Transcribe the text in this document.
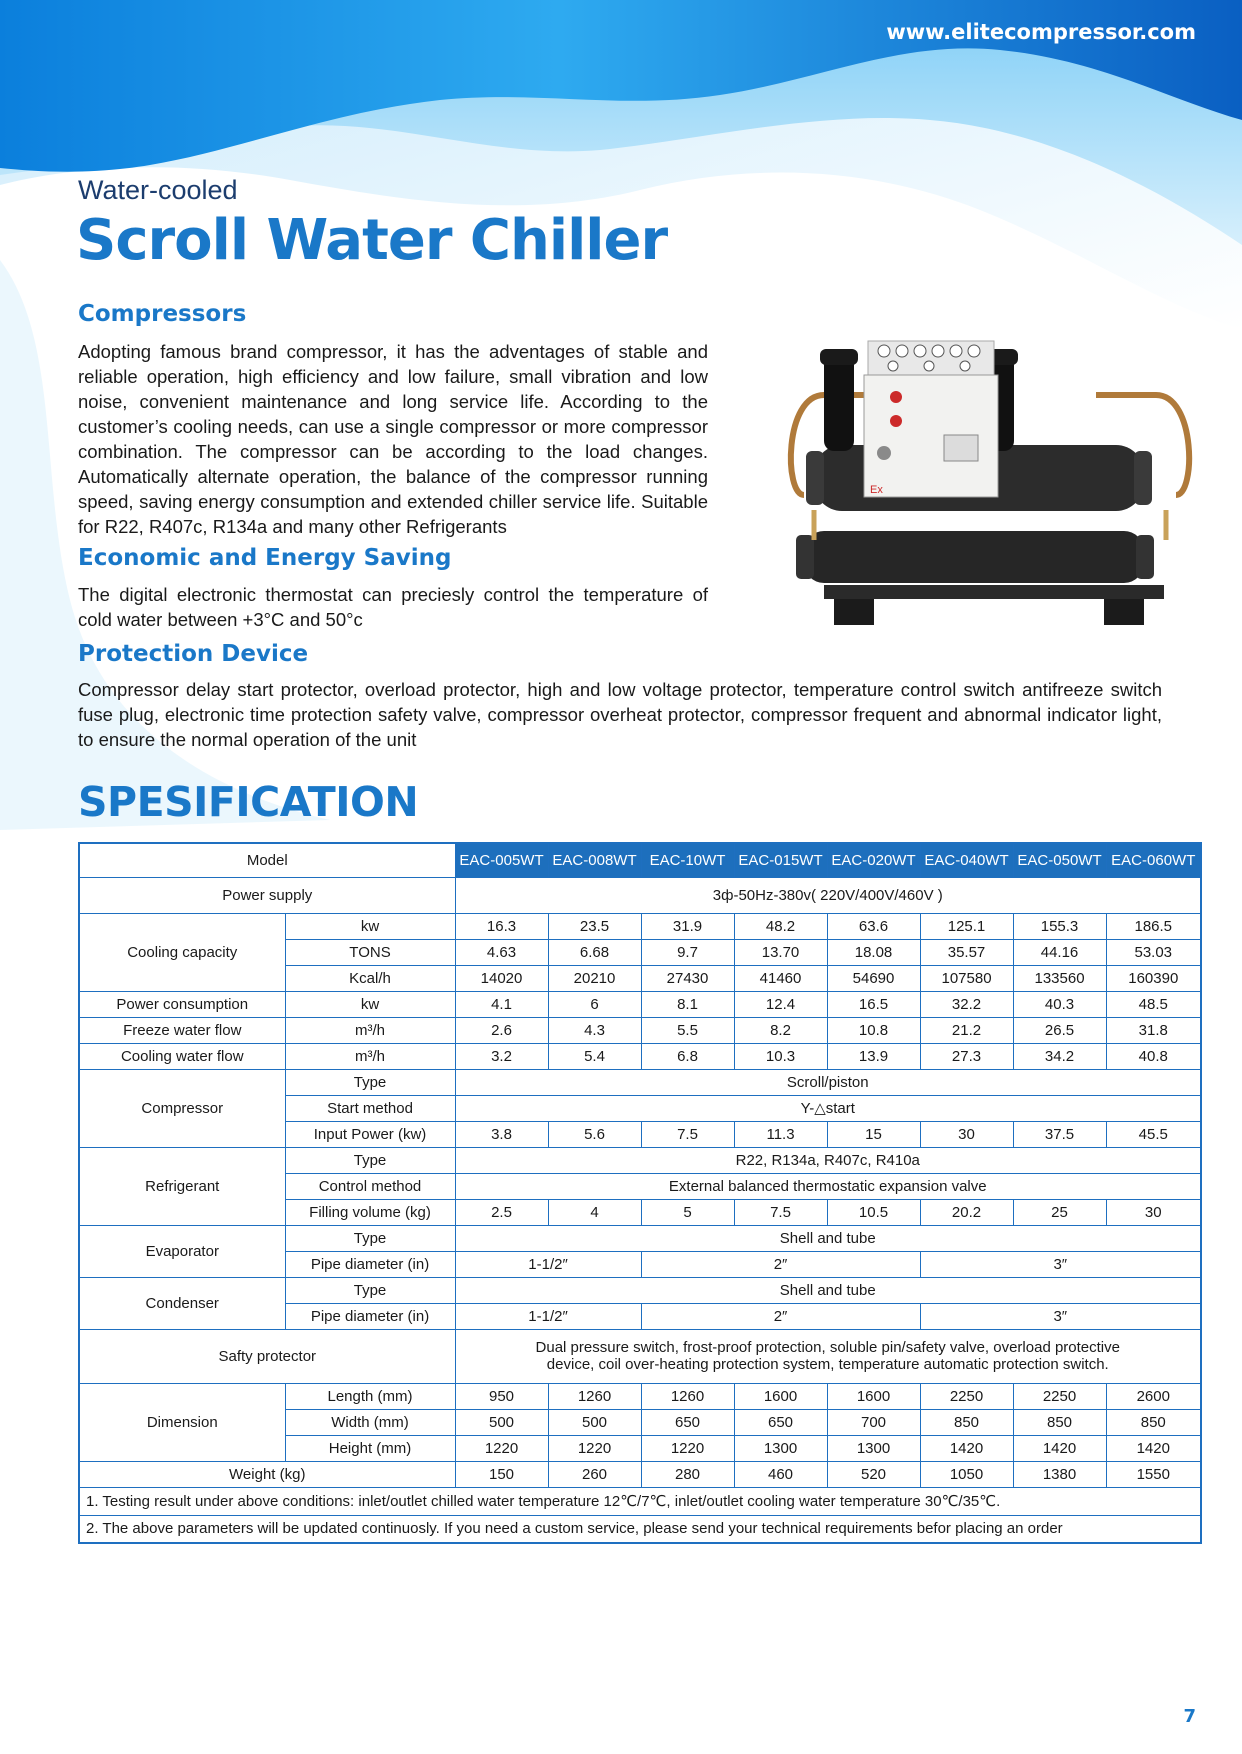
www.elitecompressor.com
Water-cooled
Scroll Water Chiller
Compressors
Adopting famous brand compressor, it has the adventages of stable and reliable operation, high efficiency and low failure, small vibration and low noise, convenient maintenance and long service life. According to the customer’s cooling needs, can use a single compressor or more compressor combination. The compressor can be according to the load changes. Automatically alternate operation, the balance of the compressor running speed, saving energy consumption and extended chiller service life. Suitable for R22, R407c, R134a and many other Refrigerants
Economic and Energy Saving
The digital electronic thermostat can preciesly control the temperature of cold water between +3°C and 50°c
Protection Device
Compressor delay start protector, overload protector, high and low voltage protector, temperature control switch antifreeze switch fuse plug, electronic time protection safety valve, compressor overheat protector, compressor frequent and abnormal indicator light, to ensure the normal operation of the unit
Ex
SPESIFICATION
Model		EAC-005WT	EAC-008WT	EAC-10WT	EAC-015WT	EAC-020WT	EAC-040WT	EAC-050WT	EAC-060WT
Power supply		3ф-50Hz-380v( 220V/400V/460V )							
Cooling capacity	kw	16.3	23.5	31.9	48.2	63.6	125.1	155.3	186.5
	TONS	4.63	6.68	9.7	13.70	18.08	35.57	44.16	53.03
	Kcal/h	14020	20210	27430	41460	54690	107580	133560	160390
Power consumption	kw	4.1	6	8.1	12.4	16.5	32.2	40.3	48.5
Freeze water flow	m³/h	2.6	4.3	5.5	8.2	10.8	21.2	26.5	31.8
Cooling water flow	m³/h	3.2	5.4	6.8	10.3	13.9	27.3	34.2	40.8
Compressor	Type	Scroll/piston							
	Start method	Y-△start							
	Input Power (kw)	3.8	5.6	7.5	11.3	15	30	37.5	45.5
Refrigerant	Type	R22, R134a, R407c, R410a							
	Control method	External balanced thermostatic expansion valve							
	Filling volume (kg)	2.5	4	5	7.5	10.5	20.2	25	30
Evaporator	Type	Shell and tube							
	Pipe diameter (in)	1-1/2″		2″			3″		
Condenser	Type	Shell and tube							
	Pipe diameter (in)	1-1/2″		2″			3″		
Safty protector		Dual pressure switch, frost-proof protection, soluble pin/safety valve, overload protective
device, coil over-heating protection system, temperature automatic protection switch.							

Dimension	Length (mm)	950	1260	1260	1600	1600	2250	2250	2600
	Width (mm)	500	500	650	650	700	850	850	850
	Height (mm)	1220	1220	1220	1300	1300	1420	1420	1420
Weight (kg)		150	260	280	460	520	1050	1380	1550
1. Testing result under above conditions: inlet/outlet chilled water temperature 12℃/7℃, inlet/outlet cooling water temperature 30℃/35℃.									
2. The above parameters will be updated continuosly. If you need a custom service, please send your technical requirements befor placing an order									
7
